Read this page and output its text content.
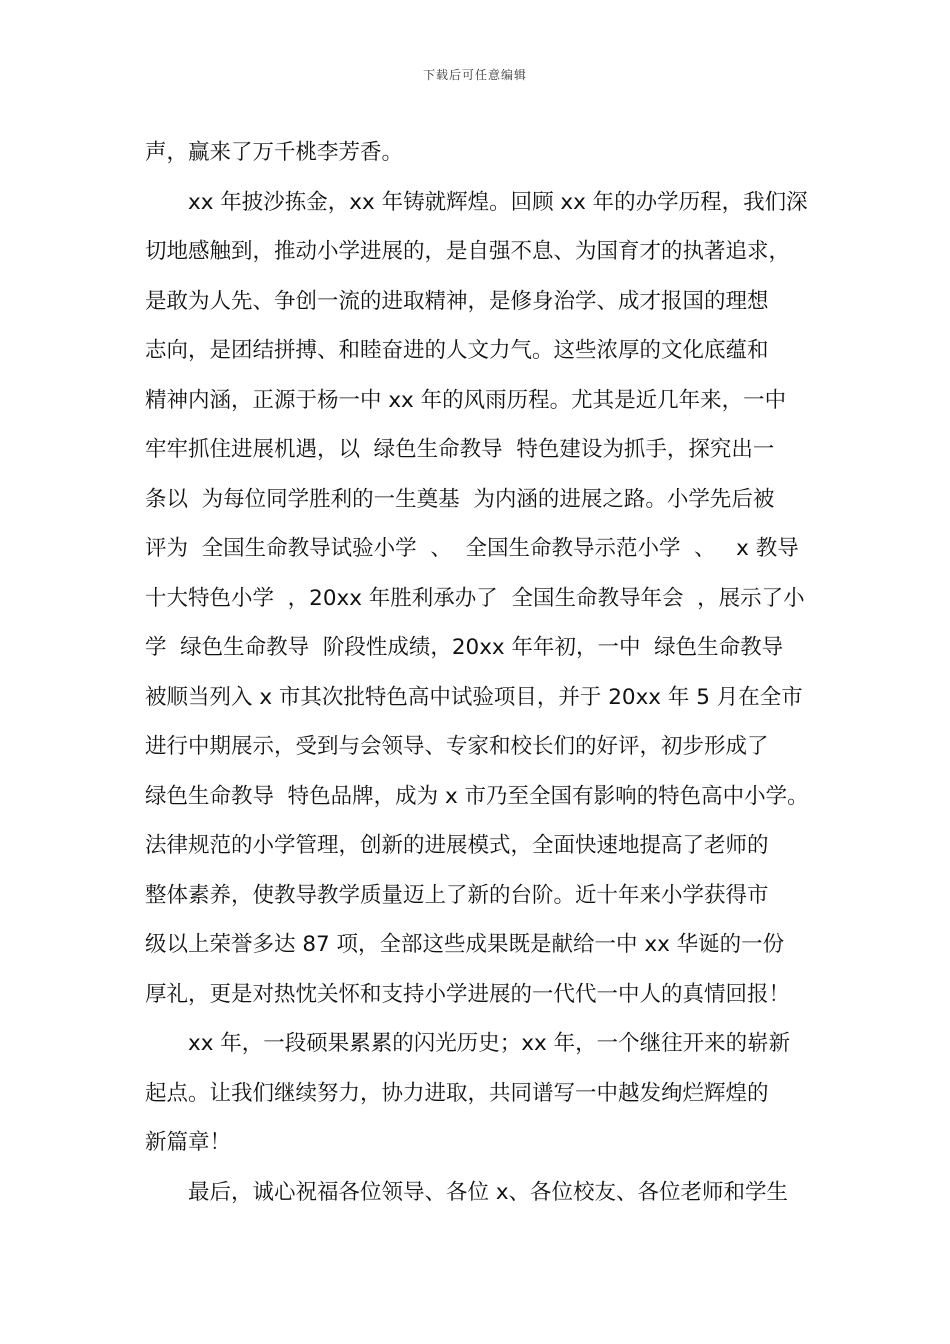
下载后可任意编辑
声，赢来了万千桃李芳香。
xx 年披沙拣金，xx 年铸就辉煌。回顾 xx 年的办学历程，我们深
切地感触到，推动小学进展的，是自强不息、为国育才的执著追求，
是敢为人先、争创一流的进取精神，是修身治学、成才报国的理想
志向，是团结拼搏、和睦奋进的人文力气。这些浓厚的文化底蕴和
精神内涵，正源于杨一中 xx 年的风雨历程。尤其是近几年来，一中
牢牢抓住进展机遇，以  绿色生命教导  特色建设为抓手，探究出一
条以  为每位同学胜利的一生奠基  为内涵的进展之路。小学先后被
评为  全国生命教导试验小学  、  全国生命教导示范小学  、   x 教导
十大特色小学  ，20xx 年胜利承办了  全国生命教导年会  ，展示了小
学  绿色生命教导  阶段性成绩，20xx 年年初，一中  绿色生命教导
被顺当列入 x 市其次批特色高中试验项目，并于 20xx 年 5 月在全市
进行中期展示，受到与会领导、专家和校长们的好评，初步形成了
绿色生命教导  特色品牌，成为 x 市乃至全国有影响的特色高中小学。
法律规范的小学管理，创新的进展模式，全面快速地提高了老师的
整体素养，使教导教学质量迈上了新的台阶。近十年来小学获得市
级以上荣誉多达 87 项，全部这些成果既是献给一中 xx 华诞的一份
厚礼，更是对热忱关怀和支持小学进展的一代代一中人的真情回报！
xx 年，一段硕果累累的闪光历史；xx 年，一个继往开来的崭新
起点。让我们继续努力，协力进取，共同谱写一中越发绚烂辉煌的
新篇章！
最后，诚心祝福各位领导、各位 x、各位校友、各位老师和学生
